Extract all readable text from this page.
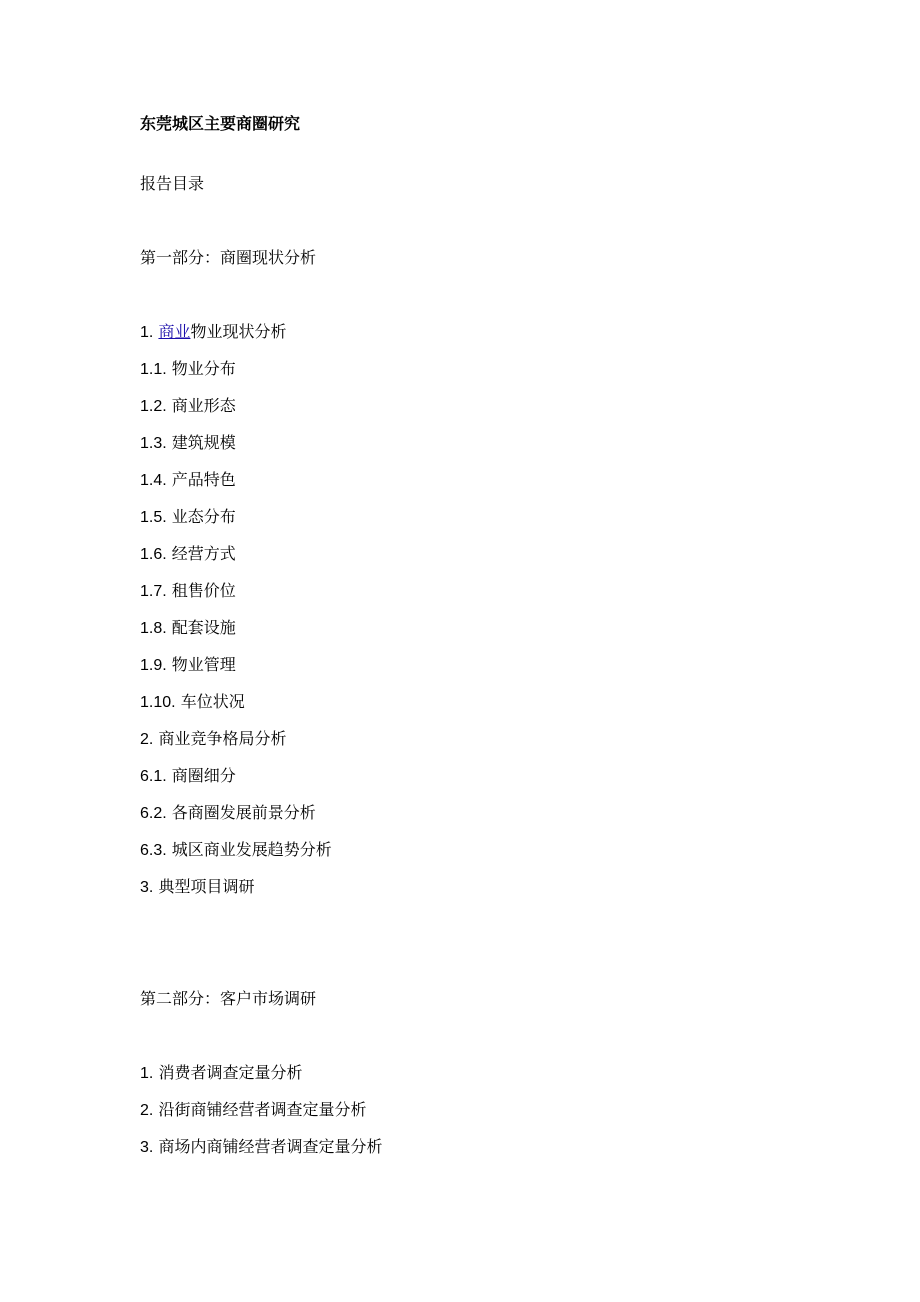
东莞城区主要商圈研究
报告目录
第一部分：商圈现状分析
1. 商业物业现状分析
1.1. 物业分布
1.2. 商业形态
1.3. 建筑规模
1.4. 产品特色
1.5. 业态分布
1.6. 经营方式
1.7. 租售价位
1.8. 配套设施
1.9. 物业管理
1.10. 车位状况
2. 商业竞争格局分析
6.1. 商圈细分
6.2. 各商圈发展前景分析
6.3. 城区商业发展趋势分析
3. 典型项目调研
第二部分：客户市场调研
1. 消费者调查定量分析
2. 沿街商铺经营者调查定量分析
3. 商场内商铺经营者调查定量分析
